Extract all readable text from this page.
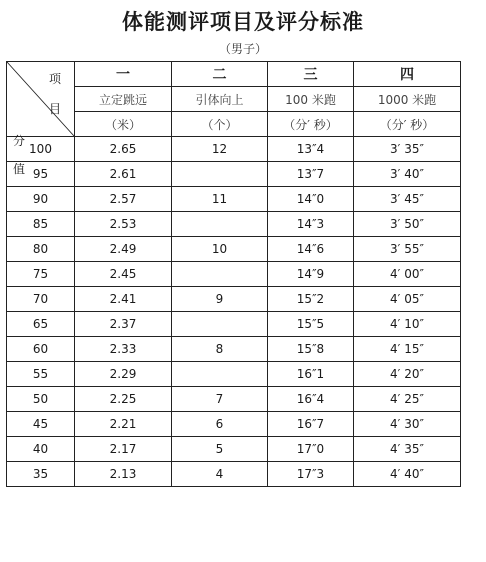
体能测评项目及评分标准
（男子）
项
目
分
值	一	二	三	四
	立定跳远	引体向上	100 米跑	1000 米跑
	（米）	（个）	（分′ 秒）	（分′ 秒）
100	2.65	12	13″4	3′ 35″
95	2.61		13″7	3′ 40″
90	2.57	11	14″0	3′ 45″
85	2.53		14″3	3′ 50″
80	2.49	10	14″6	3′ 55″
75	2.45		14″9	4′ 00″
70	2.41	9	15″2	4′ 05″
65	2.37		15″5	4′ 10″
60	2.33	8	15″8	4′ 15″
55	2.29		16″1	4′ 20″
50	2.25	7	16″4	4′ 25″
45	2.21	6	16″7	4′ 30″
40	2.17	5	17″0	4′ 35″
35	2.13	4	17″3	4′ 40″
